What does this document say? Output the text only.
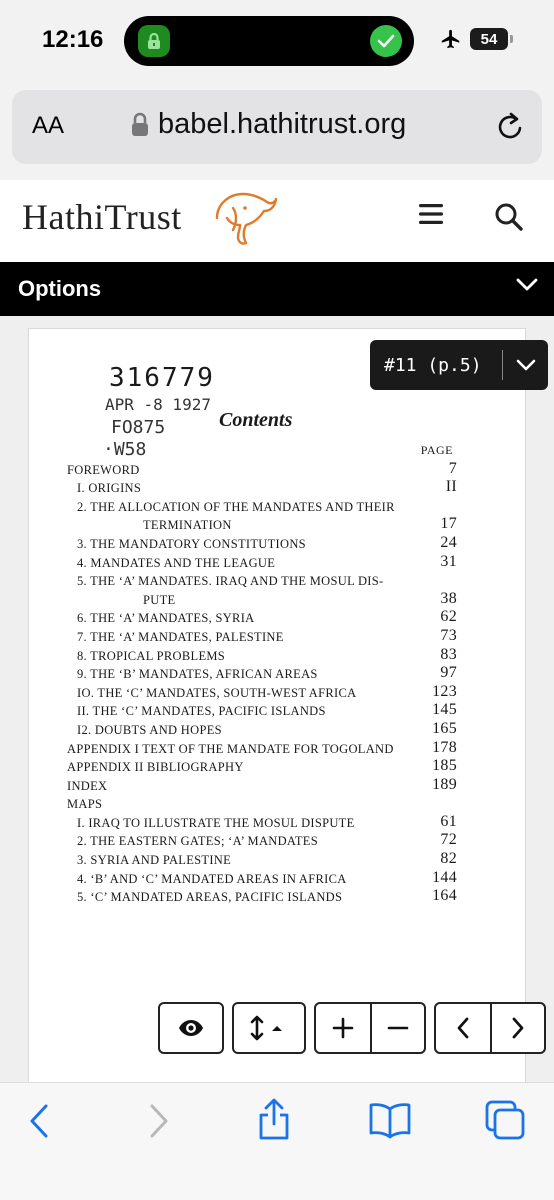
12:16	54
AA	babel.hathitrust.org
HathiTrust
Options
316779
APR -8 1927
FO875
·W58
Contents
PAGE
FOREWORD	7
I. ORIGINS	II
2. THE ALLOCATION OF THE MANDATES AND THEIR
TERMINATION	17
3. THE MANDATORY CONSTITUTIONS	24
4. MANDATES AND THE LEAGUE	31
5. THE ‘A’ MANDATES. IRAQ AND THE MOSUL DIS-
PUTE	38
6. THE ‘A’ MANDATES, SYRIA	62
7. THE ‘A’ MANDATES, PALESTINE	73
8. TROPICAL PROBLEMS	83
9. THE ‘B’ MANDATES, AFRICAN AREAS	97
IO. THE ‘C’ MANDATES, SOUTH-WEST AFRICA	123
II. THE ‘C’ MANDATES, PACIFIC ISLANDS	145
I2. DOUBTS AND HOPES	165
APPENDIX I TEXT OF THE MANDATE FOR TOGOLAND 178
APPENDIX II BIBLIOGRAPHY	185
INDEX	189
MAPS
I. IRAQ TO ILLUSTRATE THE MOSUL DISPUTE	61
2. THE EASTERN GATES; ‘A’ MANDATES	72
3. SYRIA AND PALESTINE	82
4. ‘B’ AND ‘C’ MANDATED AREAS IN AFRICA	144
5. ‘C’ MANDATED AREAS, PACIFIC ISLANDS	164
#11 (p.5)
